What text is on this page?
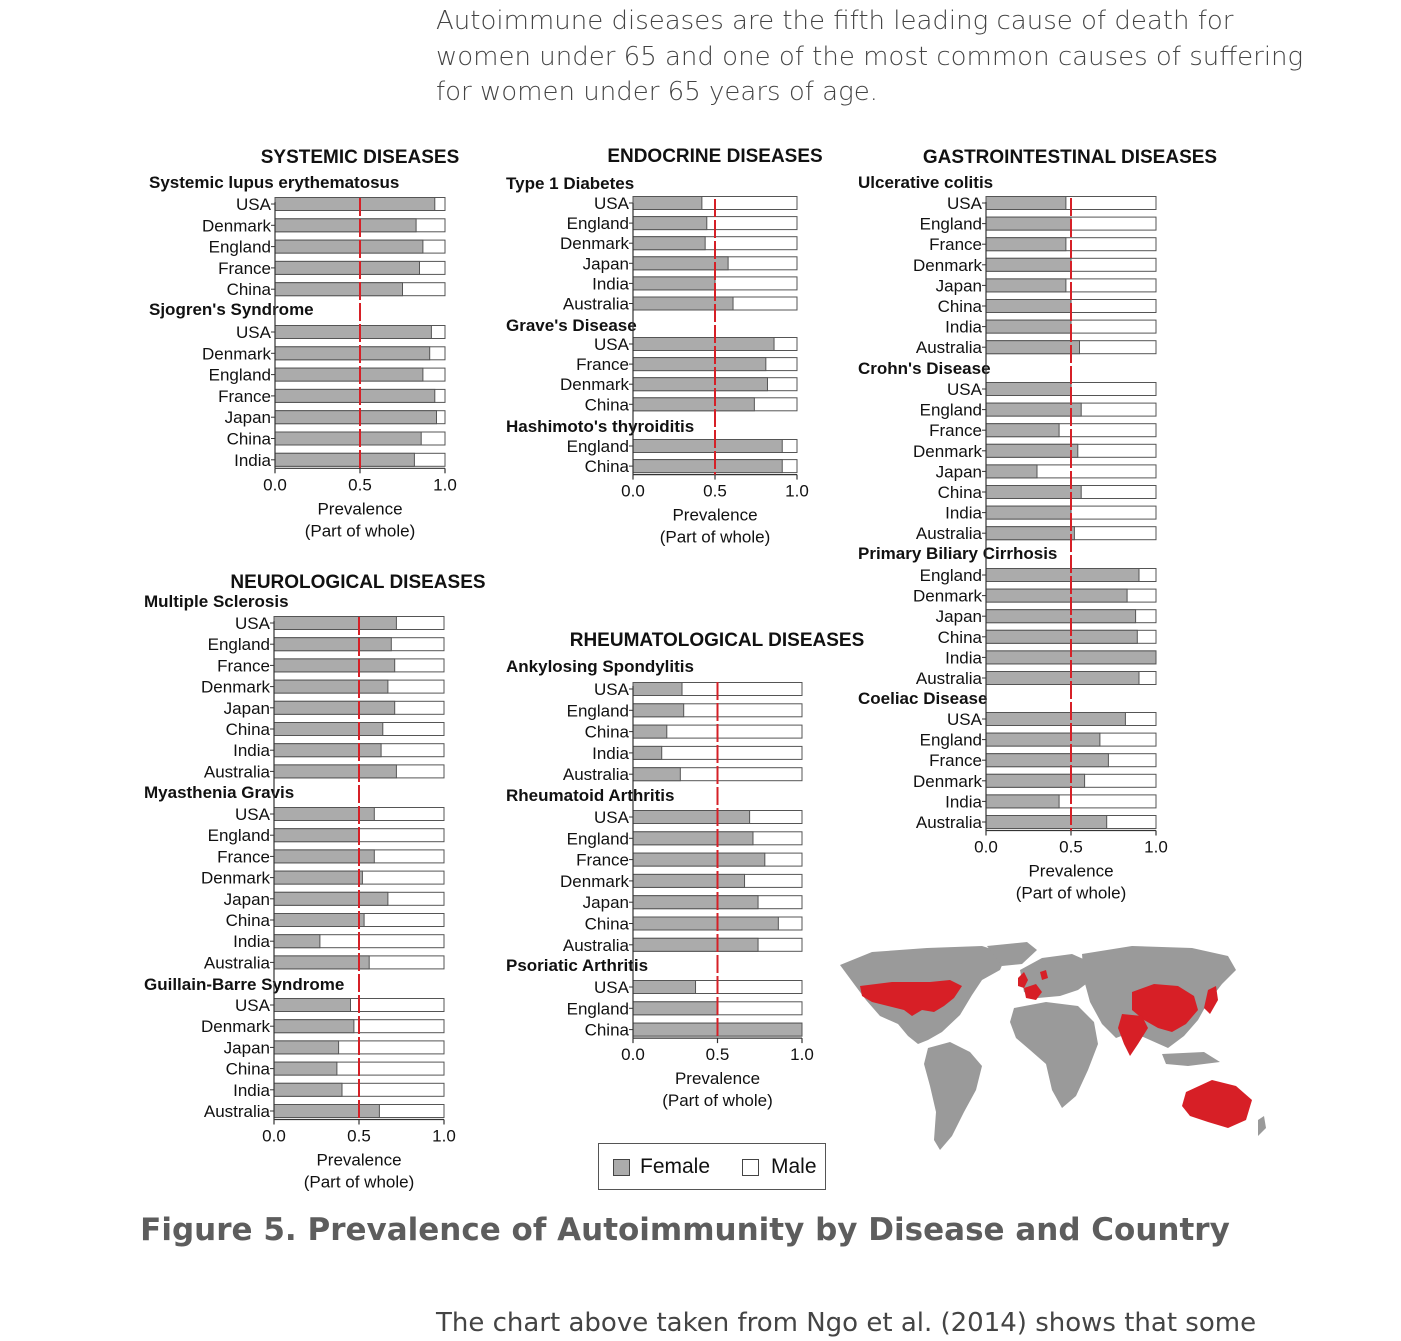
Autoimmune diseases are the fifth leading cause of death for women under 65 and one of the most common causes of suffering for women under 65 years of age.
SYSTEMIC DISEASES
Systemic lupus erythematosus
USA
Denmark
England
France
China
Sjogren's Syndrome
USA
Denmark
England
France
Japan
China
India
0.0	0.5	1.0
Prevalence
(Part of whole)
ENDOCRINE DISEASES
Type 1 Diabetes
USA
England
Denmark
Japan
India
Australia
Grave's Disease
USA
France
Denmark
China
Hashimoto's thyroiditis
England
China
0.0	0.5	1.0
Prevalence
(Part of whole)
GASTROINTESTINAL DISEASES
Ulcerative colitis
USA
England
France
Denmark
Japan
China
India
Australia
Crohn's Disease
USA
England
France
Denmark
Japan
China
India
Australia
Primary Biliary Cirrhosis
England
Denmark
Japan
China
India
Australia
Coeliac Disease
USA
England
France
Denmark
India
Australia
0.0	0.5	1.0
Prevalence
(Part of whole)
NEUROLOGICAL DISEASES
Multiple Sclerosis
USA
England
France
Denmark
Japan
China
India
Australia
Myasthenia Gravis
USA
England
France
Denmark
Japan
China
India
Australia
Guillain-Barre Syndrome
USA
Denmark
Japan
China
India
Australia
0.0	0.5	1.0
Prevalence
(Part of whole)
RHEUMATOLOGICAL DISEASES
Ankylosing Spondylitis
USA
England
China
India
Australia
Rheumatoid Arthritis
USA
England
France
Denmark
Japan
China
Australia
Psoriatic Arthritis
USA
England
China
0.0	0.5	1.0
Prevalence
(Part of whole)
Female	Male
Figure 5. Prevalence of Autoimmunity by Disease and Country
The chart above taken from Ngo et al. (2014) shows that some
